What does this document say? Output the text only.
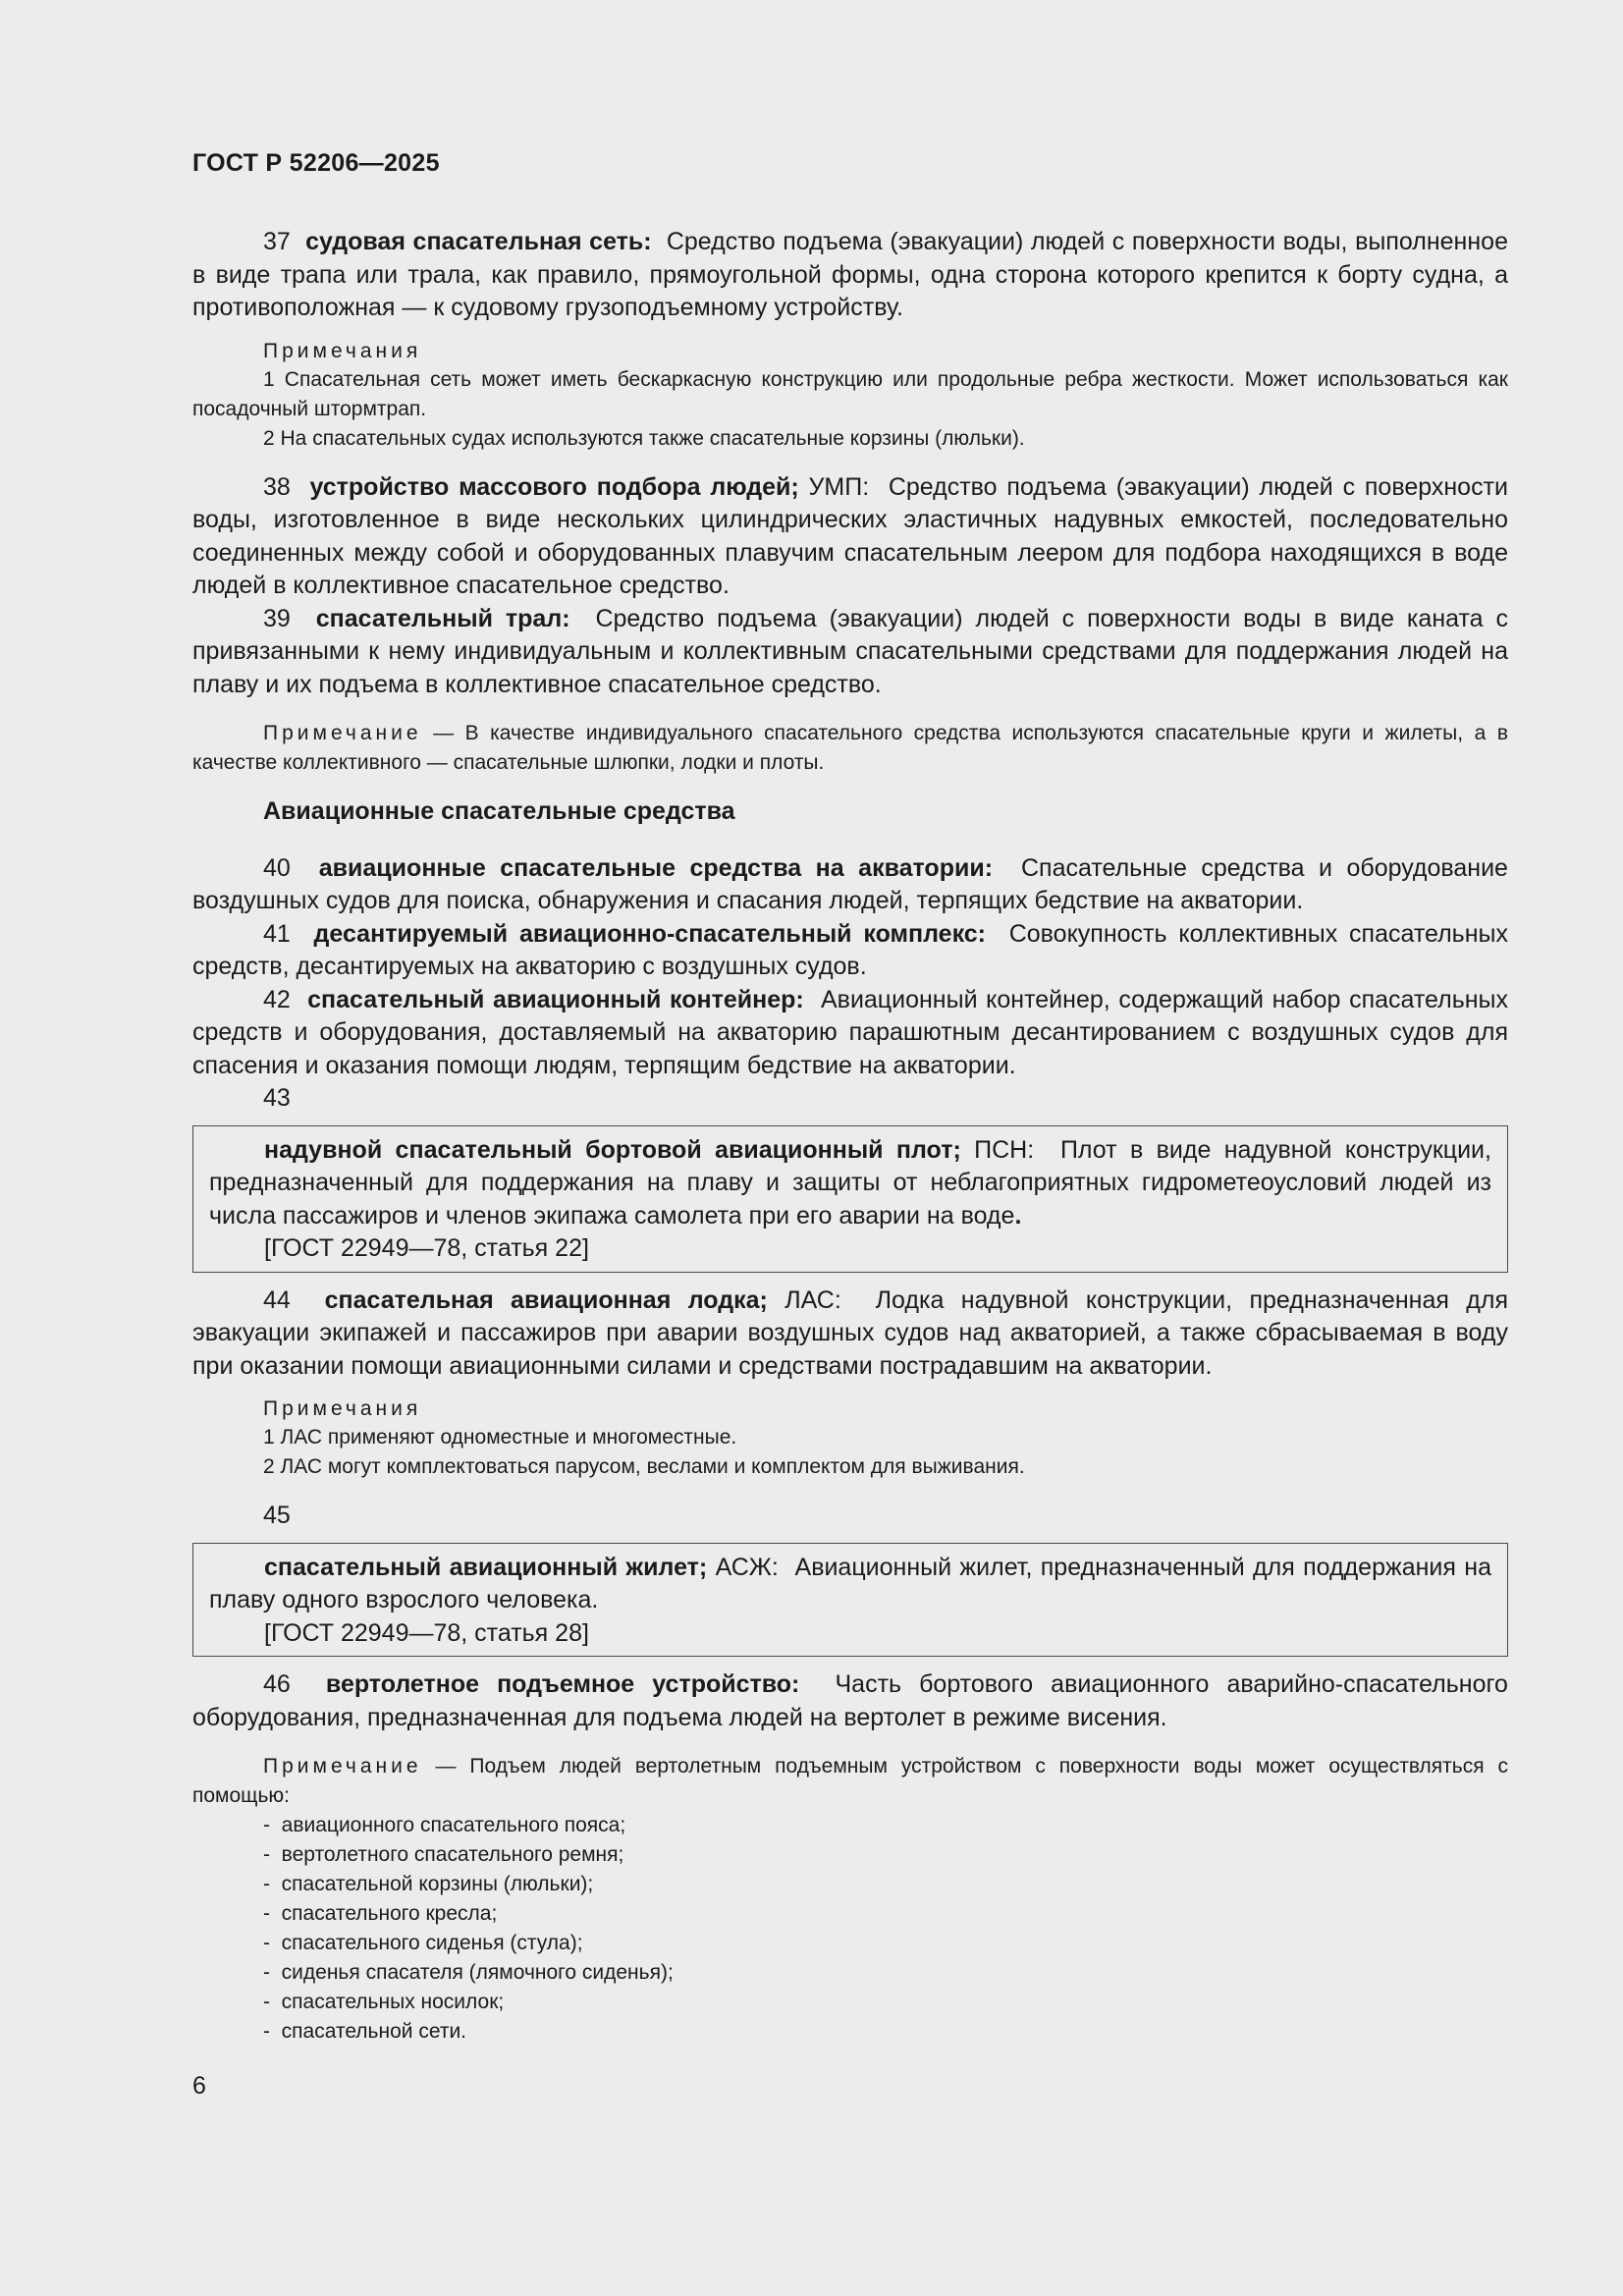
ГОСТ Р 52206—2025

37 судовая спасательная сеть: Средство подъема (эвакуации) людей с поверхности воды, выполненное в виде трапа или трала, как правило, прямоугольной формы, одна сторона которого крепится к борту судна, а противоположная — к судовому грузоподъемному устройству.

Примечания

1 Спасательная сеть может иметь бескаркасную конструкцию или продольные ребра жесткости. Может использоваться как посадочный штормтрап.

2 На спасательных судах используются также спасательные корзины (люльки).

38 устройство массового подбора людей; УМП: Средство подъема (эвакуации) людей с поверхности воды, изготовленное в виде нескольких цилиндрических эластичных надувных емкостей, последовательно соединенных между собой и оборудованных плавучим спасательным леером для подбора находящихся в воде людей в коллективное спасательное средство.

39 спасательный трал: Средство подъема (эвакуации) людей с поверхности воды в виде каната с привязанными к нему индивидуальным и коллективным спасательными средствами для поддержания людей на плаву и их подъема в коллективное спасательное средство.

Примечание — В качестве индивидуального спасательного средства используются спасательные круги и жилеты, а в качестве коллективного — спасательные шлюпки, лодки и плоты.

Авиационные спасательные средства

40 авиационные спасательные средства на акватории: Спасательные средства и оборудование воздушных судов для поиска, обнаружения и спасания людей, терпящих бедствие на акватории.

41 десантируемый авиационно-спасательный комплекс: Совокупность коллективных спасательных средств, десантируемых на акваторию с воздушных судов.

42 спасательный авиационный контейнер: Авиационный контейнер, содержащий набор спасательных средств и оборудования, доставляемый на акваторию парашютным десантированием с воздушных судов для спасения и оказания помощи людям, терпящим бедствие на акватории.

43

надувной спасательный бортовой авиационный плот; ПСН: Плот в виде надувной конструкции, предназначенный для поддержания на плаву и защиты от неблагоприятных гидрометеоусловий людей из числа пассажиров и членов экипажа самолета при его аварии на воде.

[ГОСТ 22949—78, статья 22]

44 спасательная авиационная лодка; ЛАС: Лодка надувной конструкции, предназначенная для эвакуации экипажей и пассажиров при аварии воздушных судов над акваторией, а также сбрасываемая в воду при оказании помощи авиационными силами и средствами пострадавшим на акватории.

Примечания

1 ЛАС применяют одноместные и многоместные.

2 ЛАС могут комплектоваться парусом, веслами и комплектом для выживания.

45

спасательный авиационный жилет; АСЖ: Авиационный жилет, предназначенный для поддержания на плаву одного взрослого человека.

[ГОСТ 22949—78, статья 28]

46 вертолетное подъемное устройство: Часть бортового авиационного аварийно-спасательного оборудования, предназначенная для подъема людей на вертолет в режиме висения.

Примечание — Подъем людей вертолетным подъемным устройством с поверхности воды может осуществляться с помощью:

-  авиационного спасательного пояса;
-  вертолетного спасательного ремня;
-  спасательной корзины (люльки);
-  спасательного кресла;
-  спасательного сиденья (стула);
-  сиденья спасателя (лямочного сиденья);
-  спасательных носилок;
-  спасательной сети.
6
